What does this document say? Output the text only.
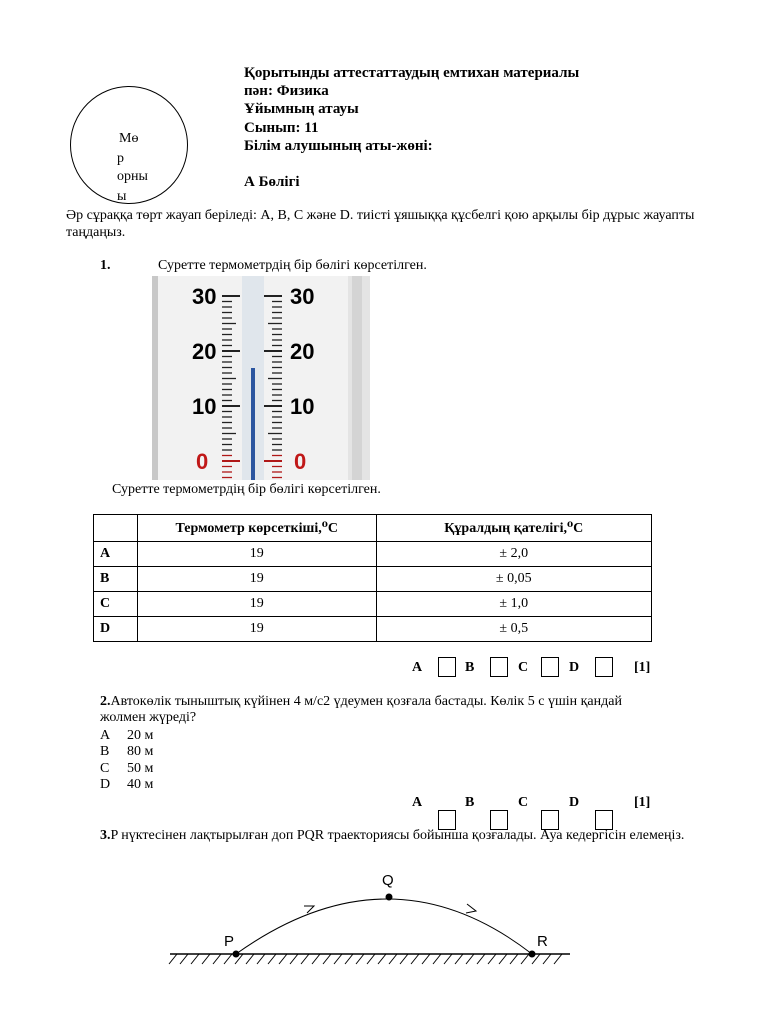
Мө
р
орны
ы
Қорытынды аттестаттаудың емтихан материалы
пән: Физика
Ұйымның атауы
Сынып: 11
Білім алушының аты-жөні:
А Бөлігі
Әр сұраққа төрт жауап беріледі: A, B, C және D. тиісті ұяшыққа құсбелгі қою арқылы бір дұрыс жауапты таңдаңыз.
1.	Суретте термометрдің бір бөлігі көрсетілген.
30
20
10
0
30
20
10
0
Суретте термометрдің бір бөлігі көрсетілген.
	Термометр көрсеткіші,⁰С	Құралдың қателігі,⁰С
A	19	± 2,0
B	19	± 0,05
C	19	± 1,0
D	19	± 0,5
A	B	C	D	[1]
2.Автокөлік тыныштық күйінен 4 м/с2 үдеумен қозғала бастады. Көлік 5 с үшін қандай жолмен жүреді?
A 20 м
B 80 м
C 50 м
D 40 м
A	B	C	D	[1]
3.P нүктесінен лақтырылған доп PQR траекториясы бойынша қозғалады. Ауа кедергісін елемеңіз.
P
Q
R
